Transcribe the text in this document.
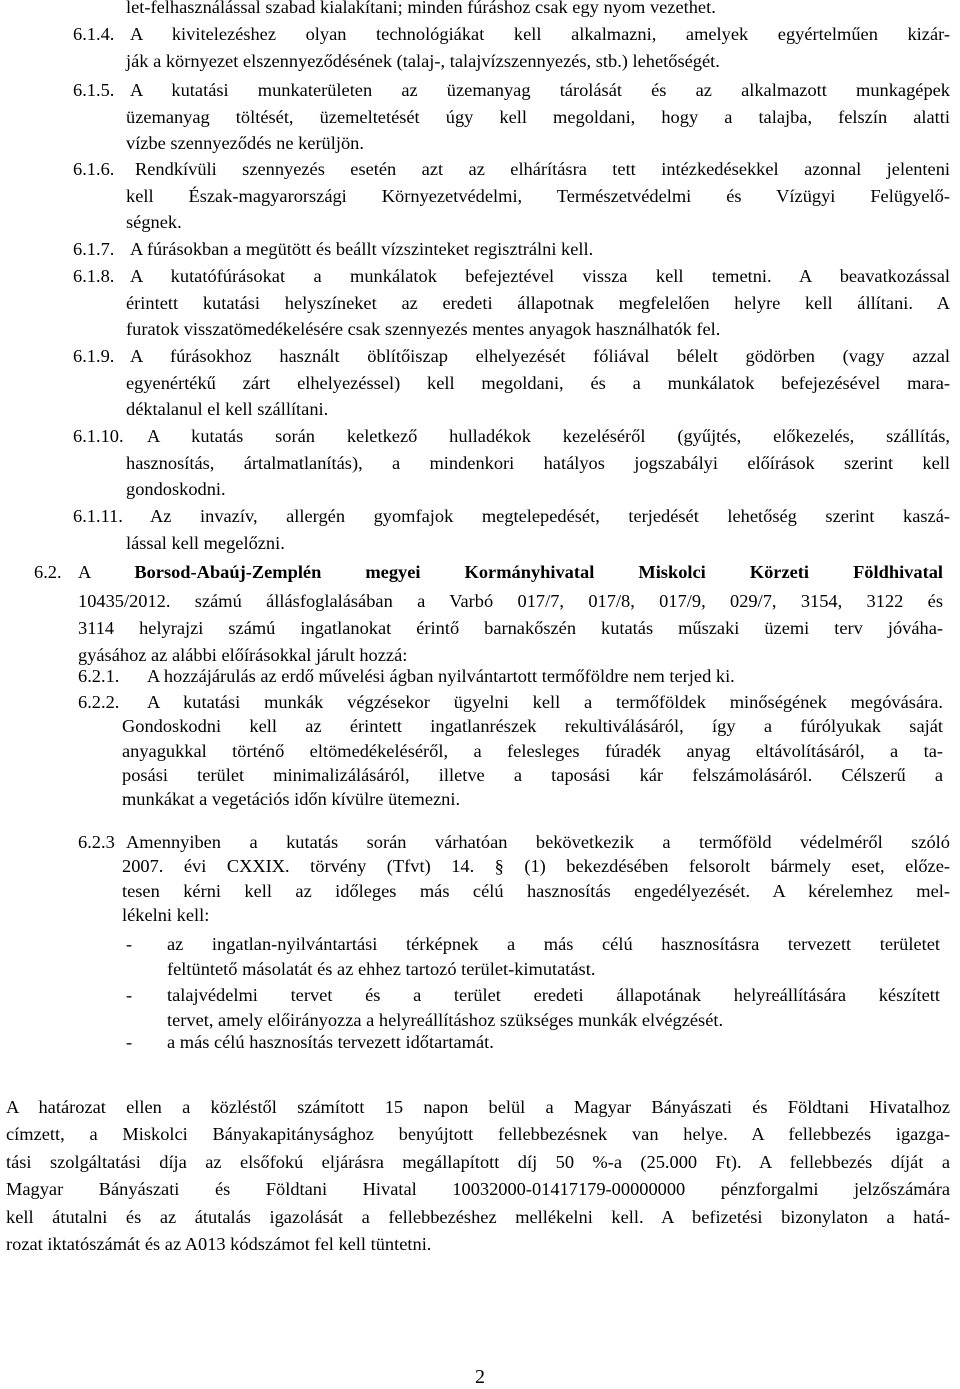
let-felhasználással szabad kialakítani; minden fúráshoz csak egy nyom vezethet.
6.1.4. A kivitelezéshez olyan technológiákat kell alkalmazni, amelyek egyértelműen kizár-
ják a környezet elszennyeződésének (talaj-, talajvízszennyezés, stb.) lehetőségét.
6.1.5. A kutatási munkaterületen az üzemanyag tárolását és az alkalmazott munkagépek
üzemanyag töltését, üzemeltetését úgy kell megoldani, hogy a talajba, felszín alatti
vízbe szennyeződés ne kerüljön.
6.1.6. Rendkívüli szennyezés esetén azt az elhárításra tett intézkedésekkel azonnal jelenteni
kell Észak-magyarországi Környezetvédelmi, Természetvédelmi és Vízügyi Felügyelő-
ségnek.
6.1.7. A fúrásokban a megütött és beállt vízszinteket regisztrálni kell.
6.1.8. A kutatófúrásokat a munkálatok befejeztével vissza kell temetni. A beavatkozással
érintett kutatási helyszíneket az eredeti állapotnak megfelelően helyre kell állítani. A
furatok visszatömedékelésére csak szennyezés mentes anyagok használhatók fel.
6.1.9. A fúrásokhoz használt öblítőiszap elhelyezését fóliával bélelt gödörben (vagy azzal
egyenértékű zárt elhelyezéssel) kell megoldani, és a munkálatok befejezésével mara-
déktalanul el kell szállítani.
6.1.10. A kutatás során keletkező hulladékok kezeléséről (gyűjtés, előkezelés, szállítás,
hasznosítás, ártalmatlanítás), a mindenkori hatályos jogszabályi előírások szerint kell
gondoskodni.
6.1.11. Az invazív, allergén gyomfajok megtelepedését, terjedését lehetőség szerint kaszá-
lással kell megelőzni.
6.2. A Borsod-Abaúj-Zemplén megyei Kormányhivatal Miskolci Körzeti Földhivatal
10435/2012. számú állásfoglalásában a Varbó 017/7, 017/8, 017/9, 029/7, 3154, 3122 és
3114 helyrajzi számú ingatlanokat érintő barnakőszén kutatás műszaki üzemi terv jóváha-
gyásához az alábbi előírásokkal járult hozzá:
6.2.1. A hozzájárulás az erdő művelési ágban nyilvántartott termőföldre nem terjed ki.
6.2.2. A kutatási munkák végzésekor ügyelni kell a termőföldek minőségének megóvására.
Gondoskodni kell az érintett ingatlanrészek rekultiválásáról, így a fúrólyukak saját
anyagukkal történő eltömedékeléséről, a felesleges fúradék anyag eltávolításáról, a ta-
posási terület minimalizálásáról, illetve a taposási kár felszámolásáról. Célszerű a
munkákat a vegetációs időn kívülre ütemezni.
6.2.3 Amennyiben a kutatás során várhatóan bekövetkezik a termőföld védelméről szóló
2007. évi CXXIX. törvény (Tfvt) 14. § (1) bekezdésében felsorolt bármely eset, előze-
tesen kérni kell az időleges más célú hasznosítás engedélyezését. A kérelemhez mel-
lékelni kell:
- az ingatlan-nyilvántartási térképnek a más célú hasznosításra tervezett területet
feltüntető másolatát és az ehhez tartozó terület-kimutatást.
- talajvédelmi tervet és a terület eredeti állapotának helyreállítására készített
tervet, amely előirányozza a helyreállításhoz szükséges munkák elvégzését.
- a más célú hasznosítás tervezett időtartamát.
A határozat ellen a közléstől számított 15 napon belül a Magyar Bányászati és Földtani Hivatalhoz
címzett, a Miskolci Bányakapitánysághoz benyújtott fellebbezésnek van helye. A fellebbezés igazga-
tási szolgáltatási díja az elsőfokú eljárásra megállapított díj 50 %-a (25.000 Ft). A fellebbezés díját a
Magyar Bányászati és Földtani Hivatal 10032000-01417179-00000000 pénzforgalmi jelzőszámára
kell átutalni és az átutalás igazolását a fellebbezéshez mellékelni kell. A befizetési bizonylaton a hatá-
rozat iktatószámát és az A013 kódszámot fel kell tüntetni.
2
